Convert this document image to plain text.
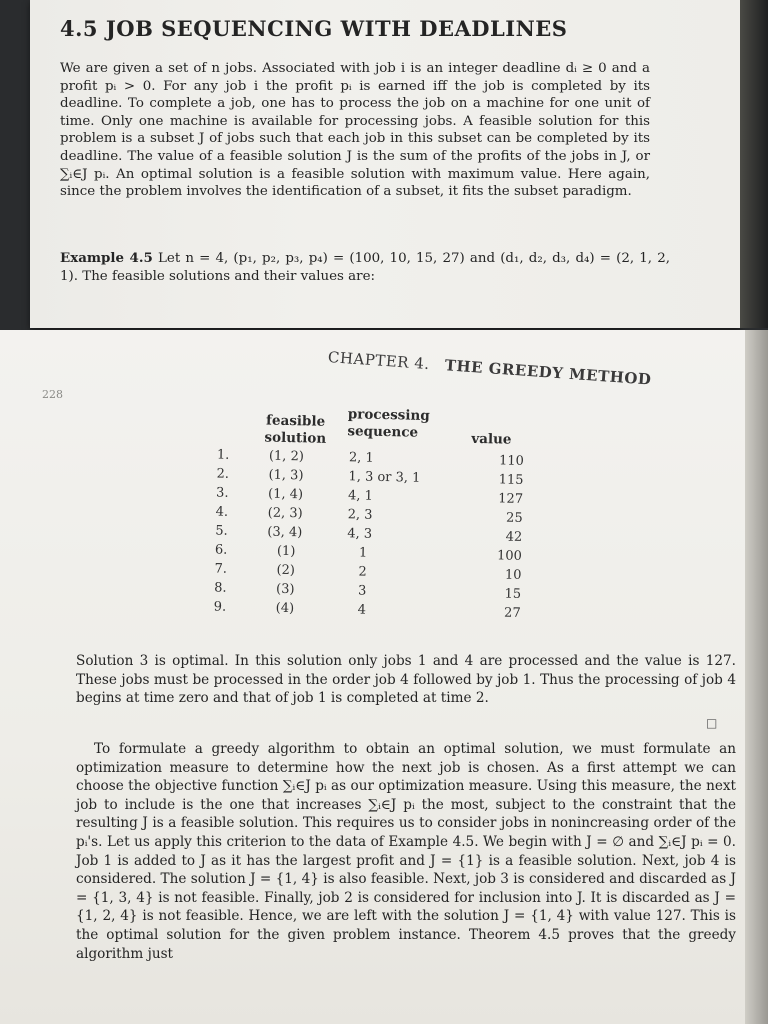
4.5 JOB SEQUENCING WITH DEADLINES

We are given a set of n jobs. Associated with job i is an integer deadline dᵢ ≥ 0 and a profit pᵢ > 0. For any job i the profit pᵢ is earned iff the job is completed by its deadline. To complete a job, one has to process the job on a machine for one unit of time. Only one machine is available for processing jobs. A feasible solution for this problem is a subset J of jobs such that each job in this subset can be completed by its deadline. The value of a feasible solution J is the sum of the profits of the jobs in J, or ∑ᵢ∈J pᵢ. An optimal solution is a feasible solution with maximum value. Here again, since the problem involves the identification of a subset, it fits the subset paradigm.

Example 4.5 Let n = 4, (p₁, p₂, p₃, p₄) = (100, 10, 15, 27) and (d₁, d₂, d₃, d₄) = (2, 1, 2, 1). The feasible solutions and their values are:

228
CHAPTER 4. THE GREEDY METHOD
feasible solution
processing sequence	value
1.	(1, 2)	2, 1	110
2.	(1, 3)	1, 3 or 3, 1	115
3.	(1, 4)	4, 1	127
4.	(2, 3)	2, 3	25
5.	(3, 4)	4, 3	42
6.	(1)	1	100
7.	(2)	2	10
8.	(3)	3	15
9.	(4)	4	27

Solution 3 is optimal. In this solution only jobs 1 and 4 are processed and the value is 127. These jobs must be processed in the order job 4 followed by job 1. Thus the processing of job 4 begins at time zero and that of job 1 is completed at time 2.

□

To formulate a greedy algorithm to obtain an optimal solution, we must formulate an optimization measure to determine how the next job is chosen. As a first attempt we can choose the objective function ∑ᵢ∈J pᵢ as our optimization measure. Using this measure, the next job to include is the one that increases ∑ᵢ∈J pᵢ the most, subject to the constraint that the resulting J is a feasible solution. This requires us to consider jobs in nonincreasing order of the pᵢ's. Let us apply this criterion to the data of Example 4.5. We begin with J = ∅ and ∑ᵢ∈J pᵢ = 0. Job 1 is added to J as it has the largest profit and J = {1} is a feasible solution. Next, job 4 is considered. The solution J = {1, 4} is also feasible. Next, job 3 is considered and discarded as J = {1, 3, 4} is not feasible. Finally, job 2 is considered for inclusion into J. It is discarded as J = {1, 2, 4} is not feasible. Hence, we are left with the solution J = {1, 4} with value 127. This is the optimal solution for the given problem instance. Theorem 4.5 proves that the greedy algorithm just
